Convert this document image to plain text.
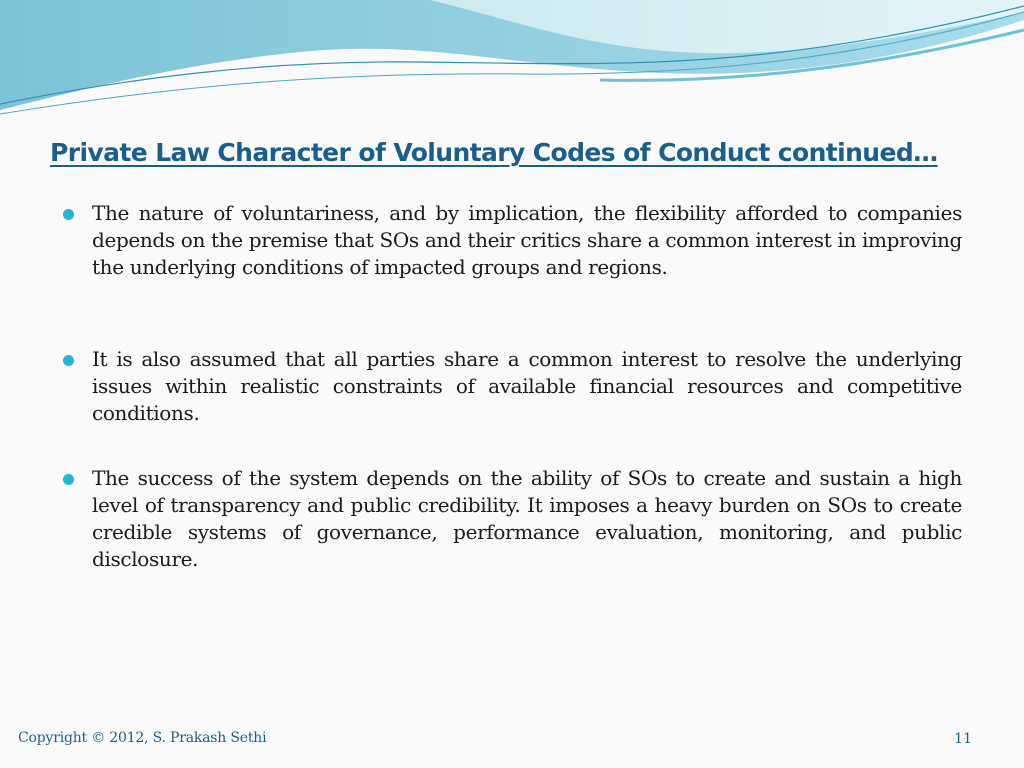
Private Law Character of Voluntary Codes of Conduct continued…

The nature of voluntariness, and by implication, the flexibility afforded to companies depends on the premise that SOs and their critics share a common interest in improving the underlying conditions of impacted groups and regions.

It is also assumed that all parties share a common interest to resolve the underlying issues within realistic constraints of available financial resources and competitive conditions.

The success of the system depends on the ability of SOs to create and sustain a high level of transparency and public credibility. It imposes a heavy burden on SOs to create credible systems of governance, performance evaluation, monitoring, and public disclosure.

Copyright © 2012, S. Prakash Sethi	11
